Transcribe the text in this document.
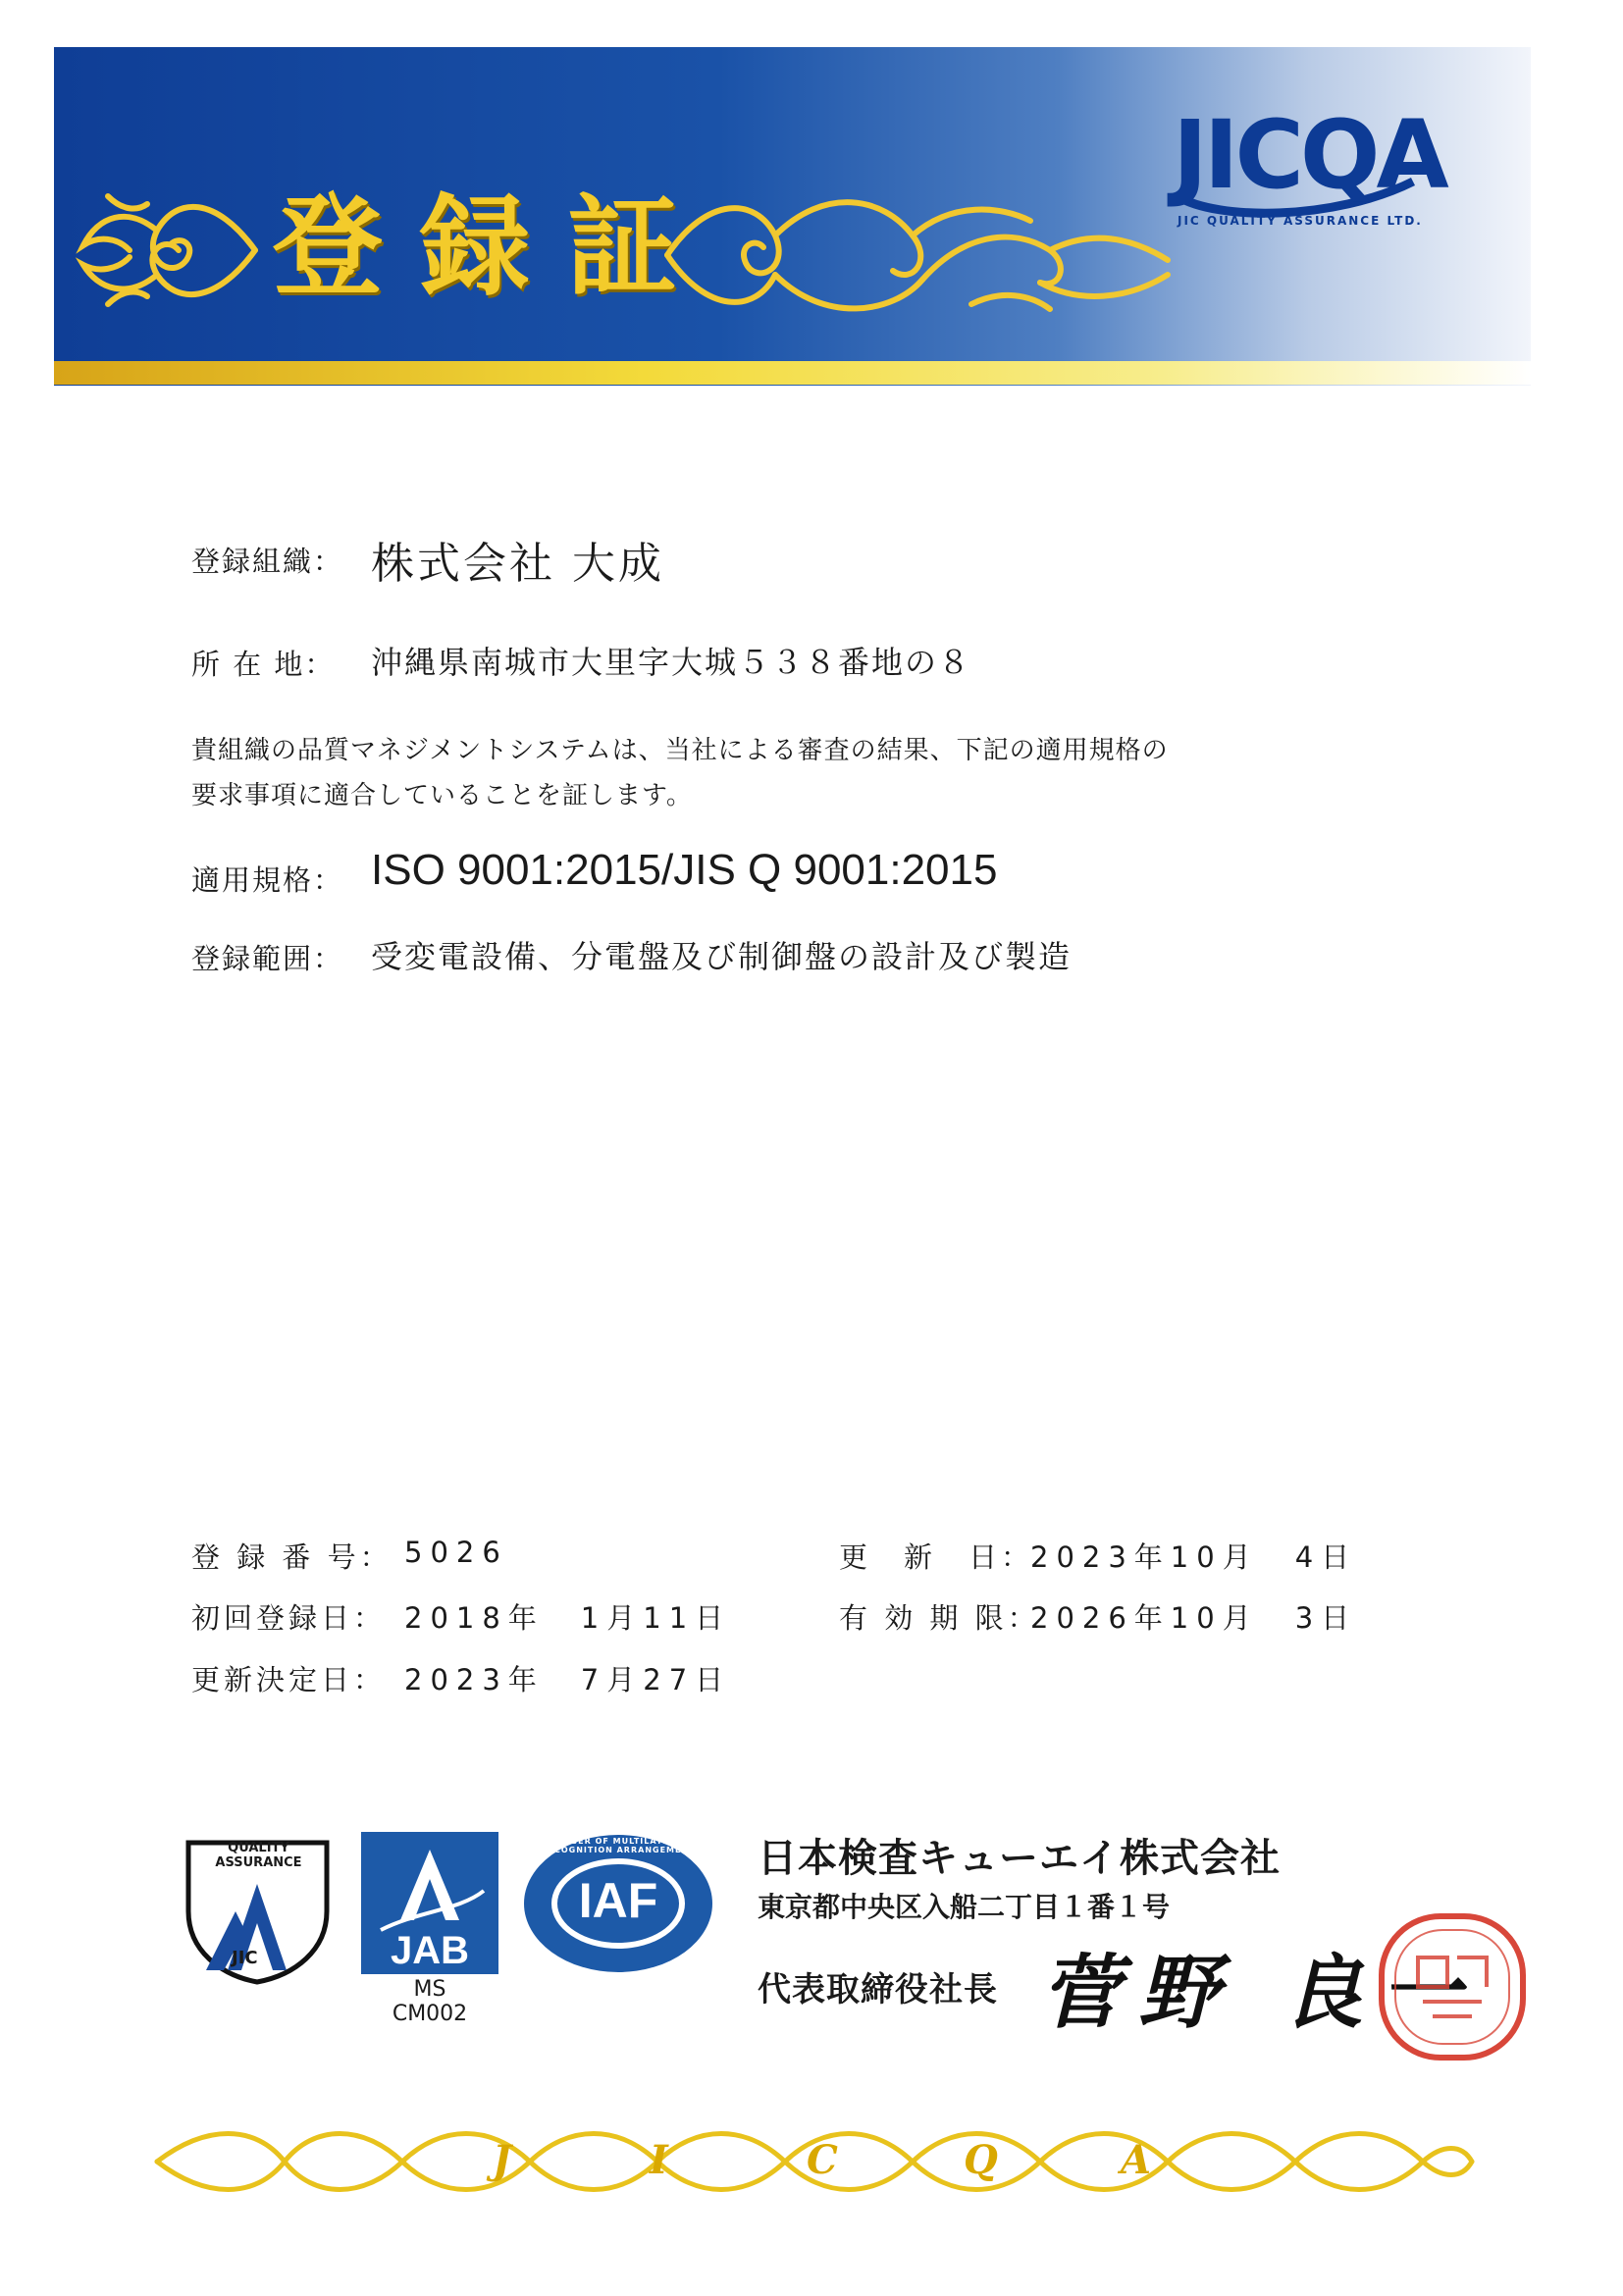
登録証
JICQA
JIC QUALITY ASSURANCE LTD.
登録組織： 株式会社 大成
所 在 地： 沖縄県南城市大里字大城５３８番地の８
貴組織の品質マネジメントシステムは、当社による審査の結果、下記の適用規格の
要求事項に適合していることを証します。
適用規格： ISO 9001:2015/JIS Q 9001:2015
登録範囲： 受変電設備、分電盤及び制御盤の設計及び製造
登 録 番 号： 5026
初回登録日： 2018年　1月11日
更新決定日： 2023年　7月27日
更　新　日：
2023年10月　4日
有 効 期 限：
2026年10月　3日
QUALITY ASSURANCE
JIC	JAB
MS
CM002
IAF
MEMBER OF MULTILATERAL RECOGNITION ARRANGEMENT 日本検査キューエイ株式会社
東京都中央区入船二丁目１番１号
代表取締役社長 菅野 良一
J	I	C	Q	A
